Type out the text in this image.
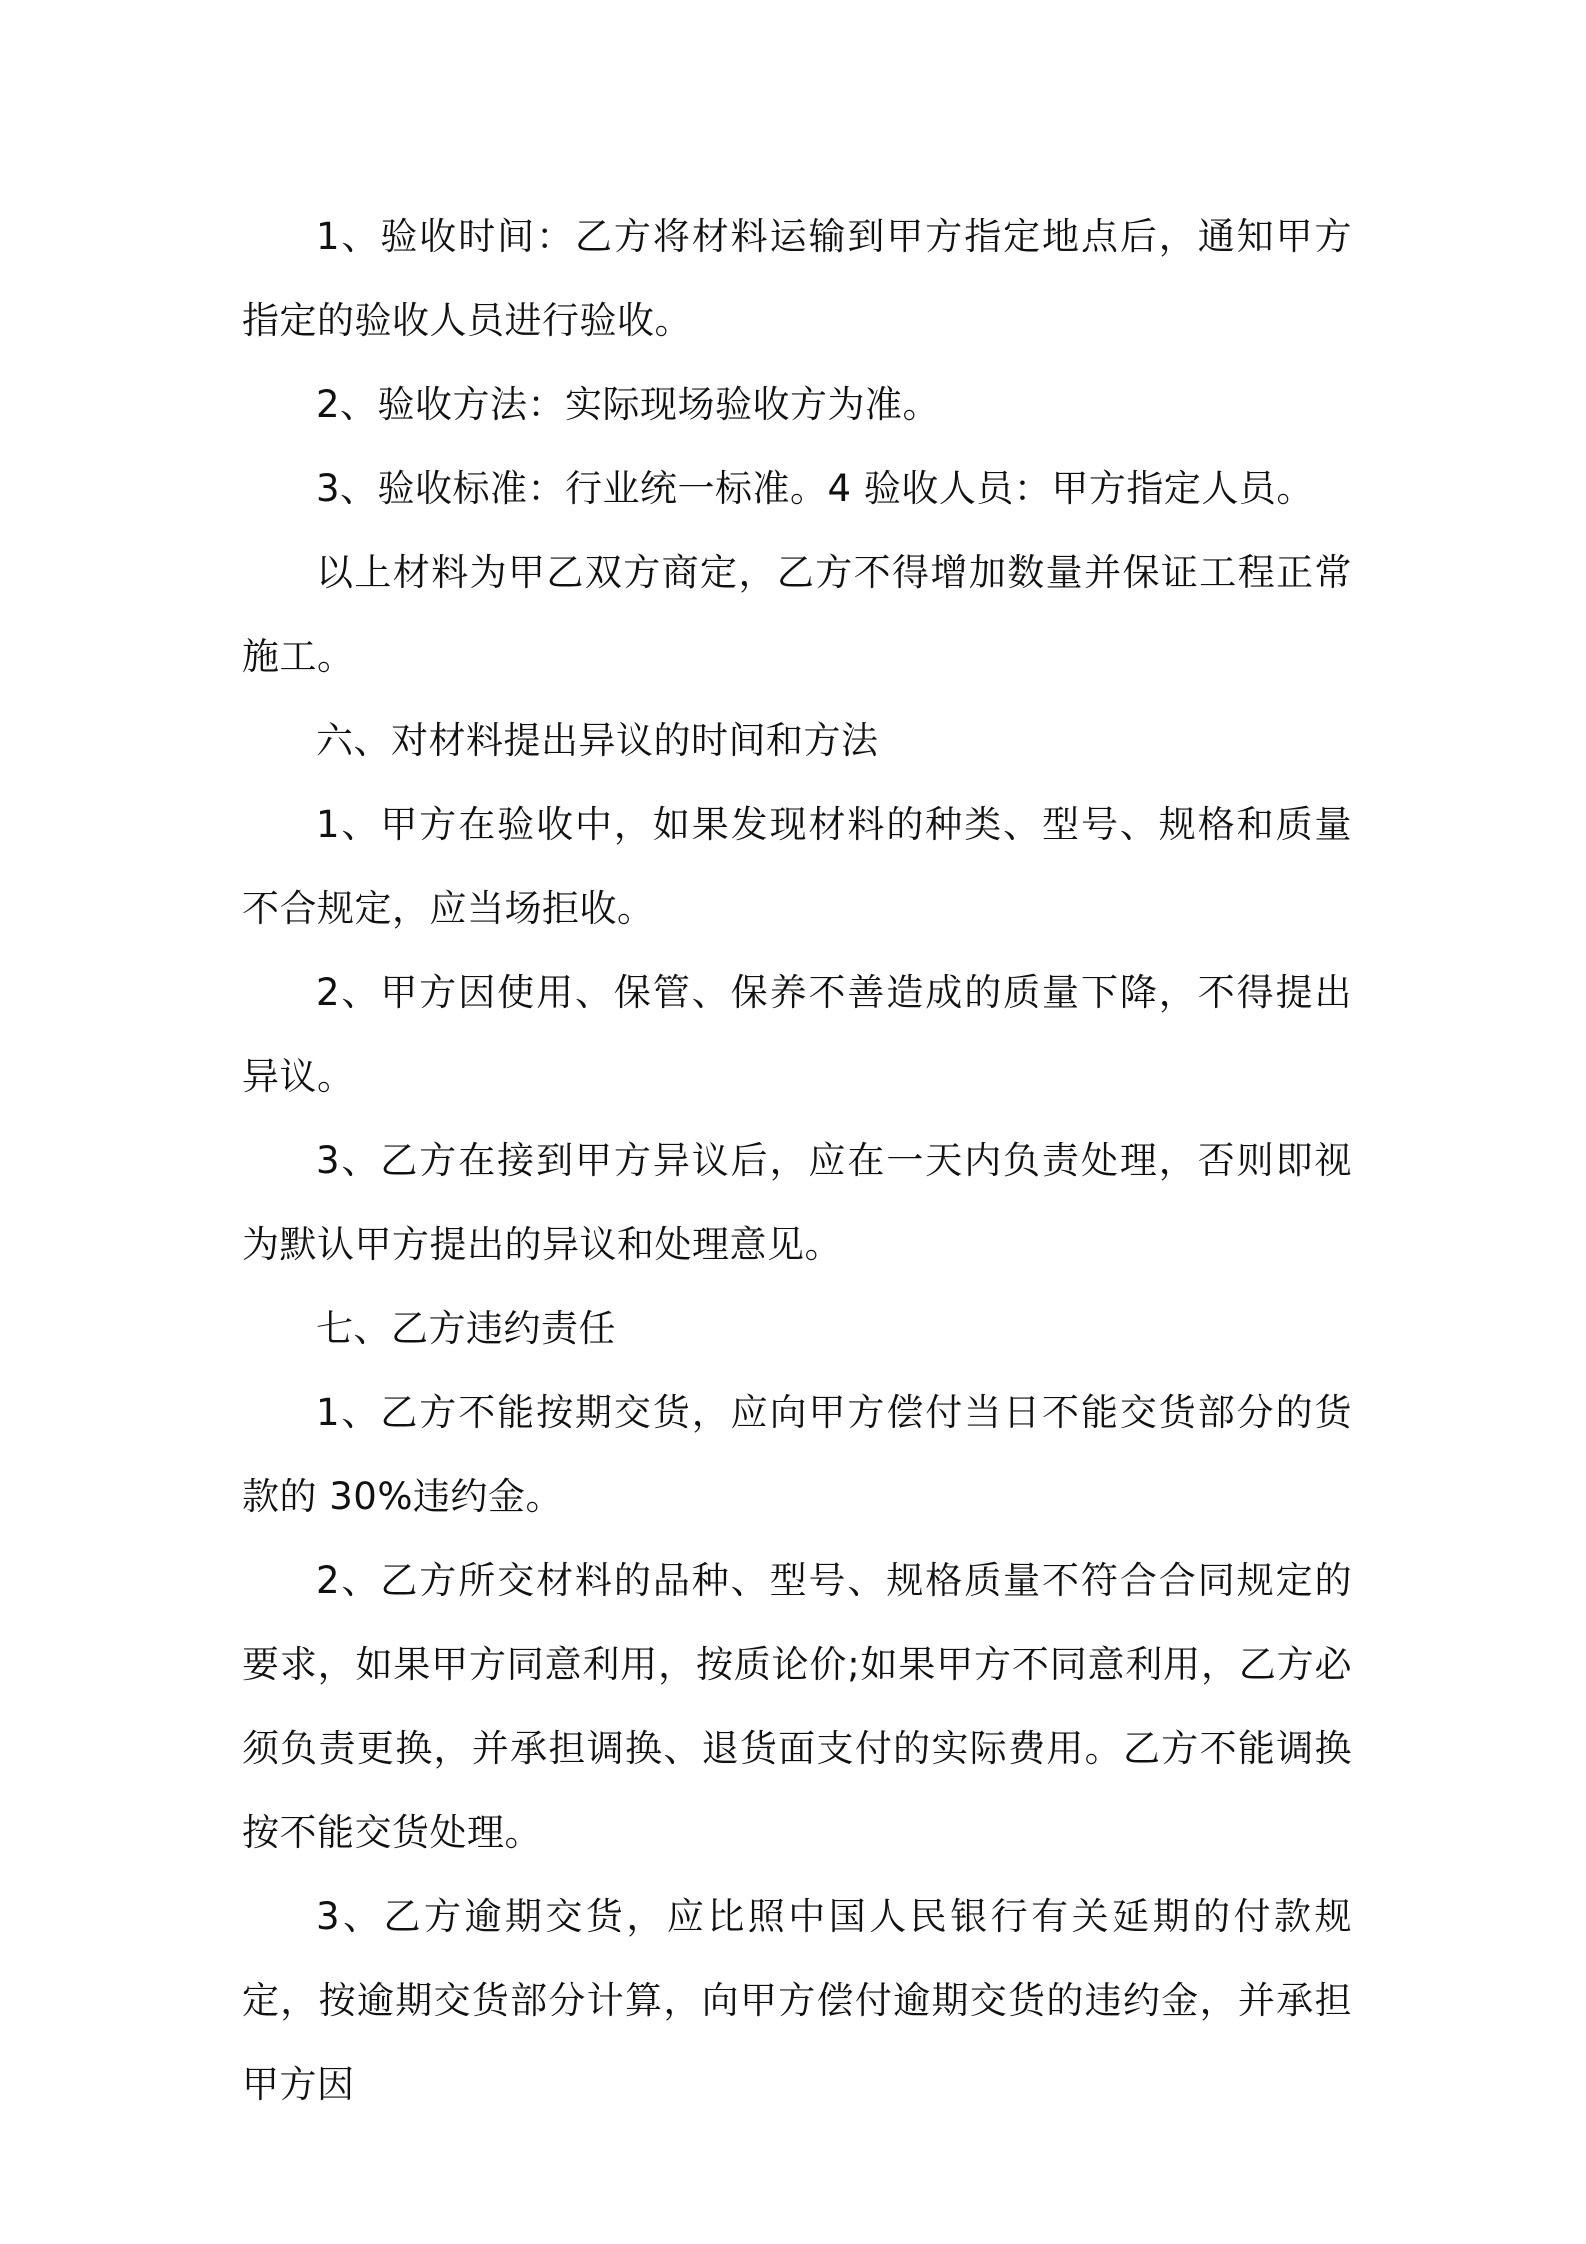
1、验收时间：乙方将材料运输到甲方指定地点后，通知甲方指定的验收人员进行验收。

2、验收方法：实际现场验收方为准。

3、验收标准：行业统一标准。4 验收人员：甲方指定人员。

以上材料为甲乙双方商定，乙方不得增加数量并保证工程正常施工。

六、对材料提出异议的时间和方法

1、甲方在验收中，如果发现材料的种类、型号、规格和质量不合规定，应当场拒收。

2、甲方因使用、保管、保养不善造成的质量下降，不得提出异议。

3、乙方在接到甲方异议后，应在一天内负责处理，否则即视为默认甲方提出的异议和处理意见。

七、乙方违约责任

1、乙方不能按期交货，应向甲方偿付当日不能交货部分的货款的 30%违约金。

2、乙方所交材料的品种、型号、规格质量不符合合同规定的要求，如果甲方同意利用，按质论价;如果甲方不同意利用，乙方必须负责更换，并承担调换、退货面支付的实际费用。乙方不能调换按不能交货处理。

3、乙方逾期交货，应比照中国人民银行有关延期的付款规定，按逾期交货部分计算，向甲方偿付逾期交货的违约金，并承担甲方因
